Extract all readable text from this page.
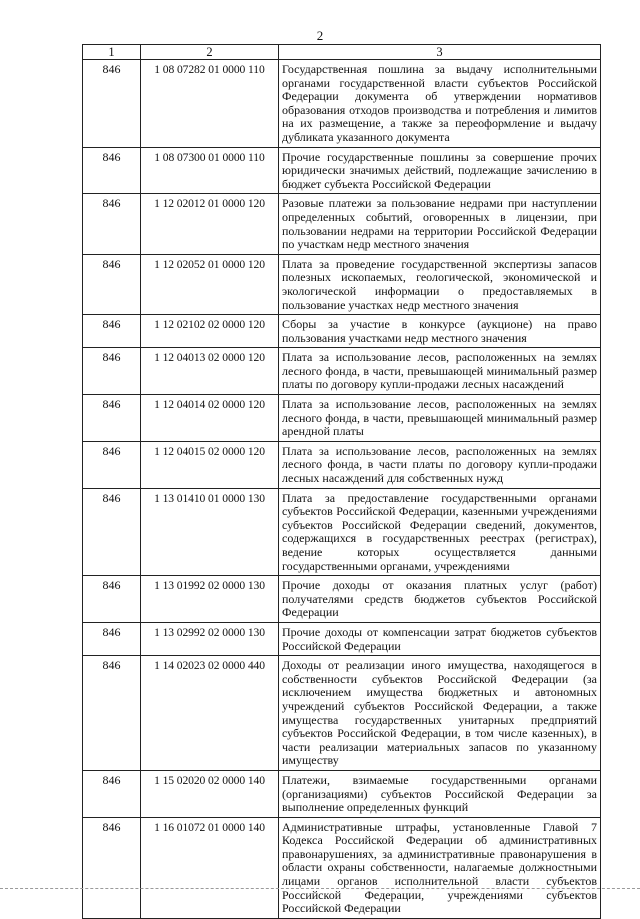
2
1	2	3
846	1 08 07282 01 0000 110	Государственная пошлина за выдачу исполнительными органами государственной власти субъектов Российской Федерации документа об утверждении нормативов образования отходов производства и потребления и лимитов на их размещение, а также за переоформление и выдачу дубликата указанного документа
846	1 08 07300 01 0000 110	Прочие государственные пошлины за совершение прочих юридически значимых действий, подлежащие зачислению в бюджет субъекта Российской Федерации
846	1 12 02012 01 0000 120	Разовые платежи за пользование недрами при наступлении определенных событий, оговоренных в лицензии, при пользовании недрами на территории Российской Федерации по участкам недр местного значения
846	1 12 02052 01 0000 120	Плата за проведение государственной экспертизы запасов полезных ископаемых, геологической, экономической и экологической информации о предоставляемых в пользование участках недр местного значения
846	1 12 02102 02 0000 120	Сборы за участие в конкурсе (аукционе) на право пользования участками недр местного значения
846	1 12 04013 02 0000 120	Плата за использование лесов, расположенных на землях лесного фонда, в части, превышающей минимальный размер платы по договору купли-продажи лесных насаждений
846	1 12 04014 02 0000 120	Плата за использование лесов, расположенных на землях лесного фонда, в части, превышающей минимальный размер арендной платы
846	1 12 04015 02 0000 120	Плата за использование лесов, расположенных на землях лесного фонда, в части платы по договору купли-продажи лесных насаждений для собственных нужд
846	1 13 01410 01 0000 130	Плата за предоставление государственными органами субъектов Российской Федерации, казенными учреждениями субъектов Российской Федерации сведений, документов, содержащихся в государственных реестрах (регистрах), ведение которых осуществляется данными государственными органами, учреждениями
846	1 13 01992 02 0000 130	Прочие доходы от оказания платных услуг (работ) получателями средств бюджетов субъектов Российской Федерации
846	1 13 02992 02 0000 130	Прочие доходы от компенсации затрат бюджетов субъектов Российской Федерации
846	1 14 02023 02 0000 440	Доходы от реализации иного имущества, находящегося в собственности субъектов Российской Федерации (за исключением имущества бюджетных и автономных учреждений субъектов Российской Федерации, а также имущества государственных унитарных предприятий субъектов Российской Федерации, в том числе казенных), в части реализации материальных запасов по указанному имуществу
846	1 15 02020 02 0000 140	Платежи, взимаемые государственными органами (организациями) субъектов Российской Федерации за выполнение определенных функций
846	1 16 01072 01 0000 140	Административные штрафы, установленные Главой 7 Кодекса Российской Федерации об административных правонарушениях, за административные правонарушения в области охраны собственности, налагаемые должностными лицами органов исполнительной власти субъектов Российской Федерации, учреждениями субъектов Российской Федерации
